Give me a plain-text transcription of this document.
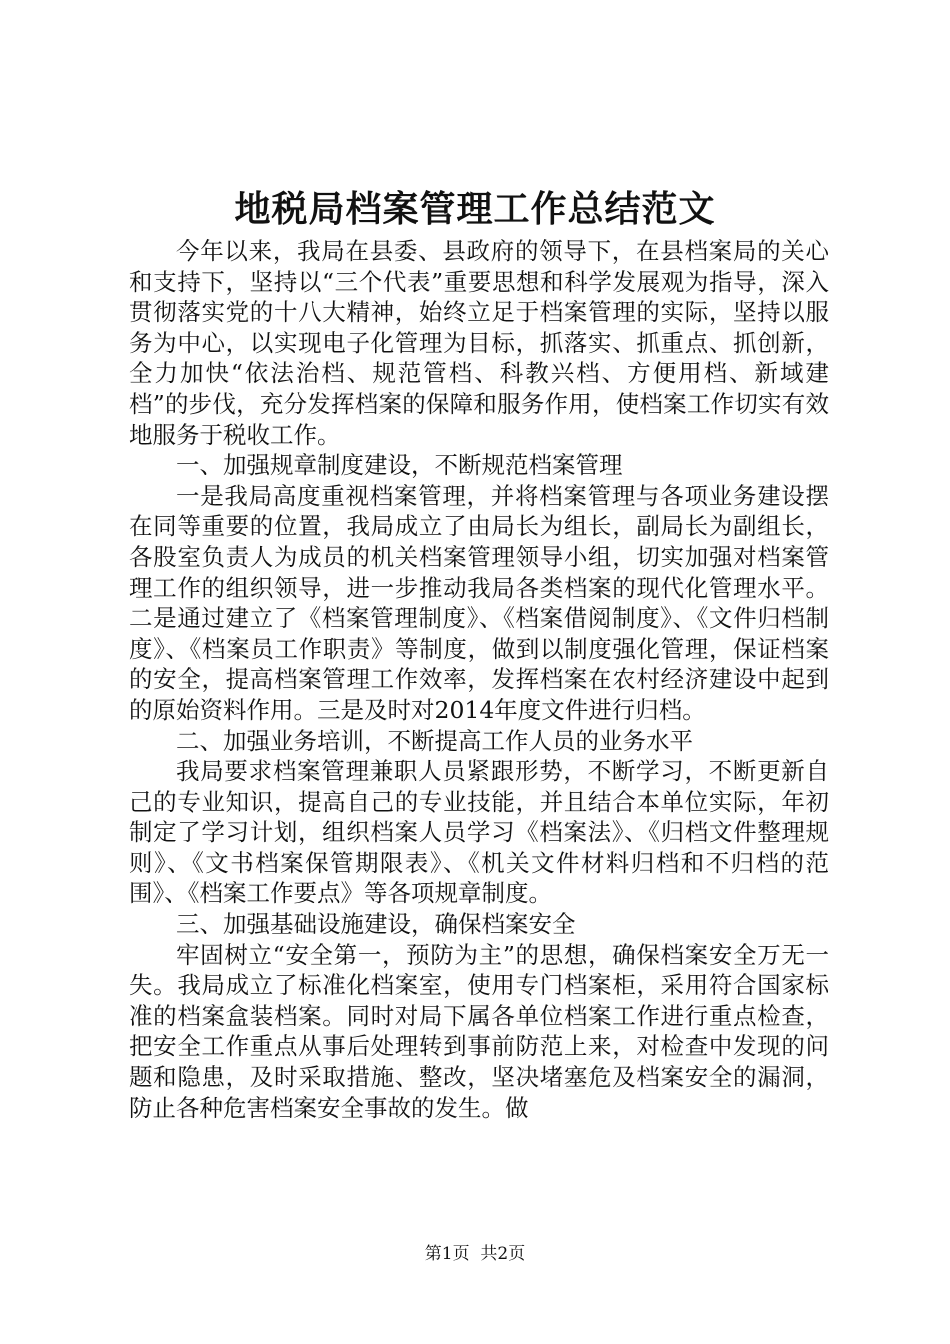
地税局档案管理工作总结范文

今年以来，我局在县委、县政府的领导下，在县档案局的关心和支持下，坚持以“三个代表”重要思想和科学发展观为指导，深入贯彻落实党的十八大精神，始终立足于档案管理的实际，坚持以服务为中心，以实现电子化管理为目标，抓落实、抓重点、抓创新，全力加快“依法治档、规范管档、科教兴档、方便用档、新域建档”的步伐，充分发挥档案的保障和服务作用，使档案工作切实有效地服务于税收工作。

一、加强规章制度建设，不断规范档案管理

一是我局高度重视档案管理，并将档案管理与各项业务建设摆在同等重要的位置，我局成立了由局长为组长，副局长为副组长，各股室负责人为成员的机关档案管理领导小组，切实加强对档案管理工作的组织领导，进一步推动我局各类档案的现代化管理水平。二是通过建立了《档案管理制度》、《档案借阅制度》、《文件归档制度》、《档案员工作职责》等制度，做到以制度强化管理，保证档案的安全，提高档案管理工作效率，发挥档案在农村经济建设中起到的原始资料作用。三是及时对2014年度文件进行归档。

二、加强业务培训，不断提高工作人员的业务水平

我局要求档案管理兼职人员紧跟形势，不断学习，不断更新自己的专业知识，提高自己的专业技能，并且结合本单位实际，年初制定了学习计划，组织档案人员学习《档案法》、《归档文件整理规则》、《文书档案保管期限表》、《机关文件材料归档和不归档的范围》、《档案工作要点》等各项规章制度。

三、加强基础设施建设，确保档案安全

牢固树立“安全第一，预防为主”的思想，确保档案安全万无一失。我局成立了标准化档案室，使用专门档案柜，采用符合国家标准的档案盒装档案。同时对局下属各单位档案工作进行重点检查，把安全工作重点从事后处理转到事前防范上来，对检查中发现的问题和隐患，及时采取措施、整改，坚决堵塞危及档案安全的漏洞，防止各种危害档案安全事故的发生。做

第1页  共2页
